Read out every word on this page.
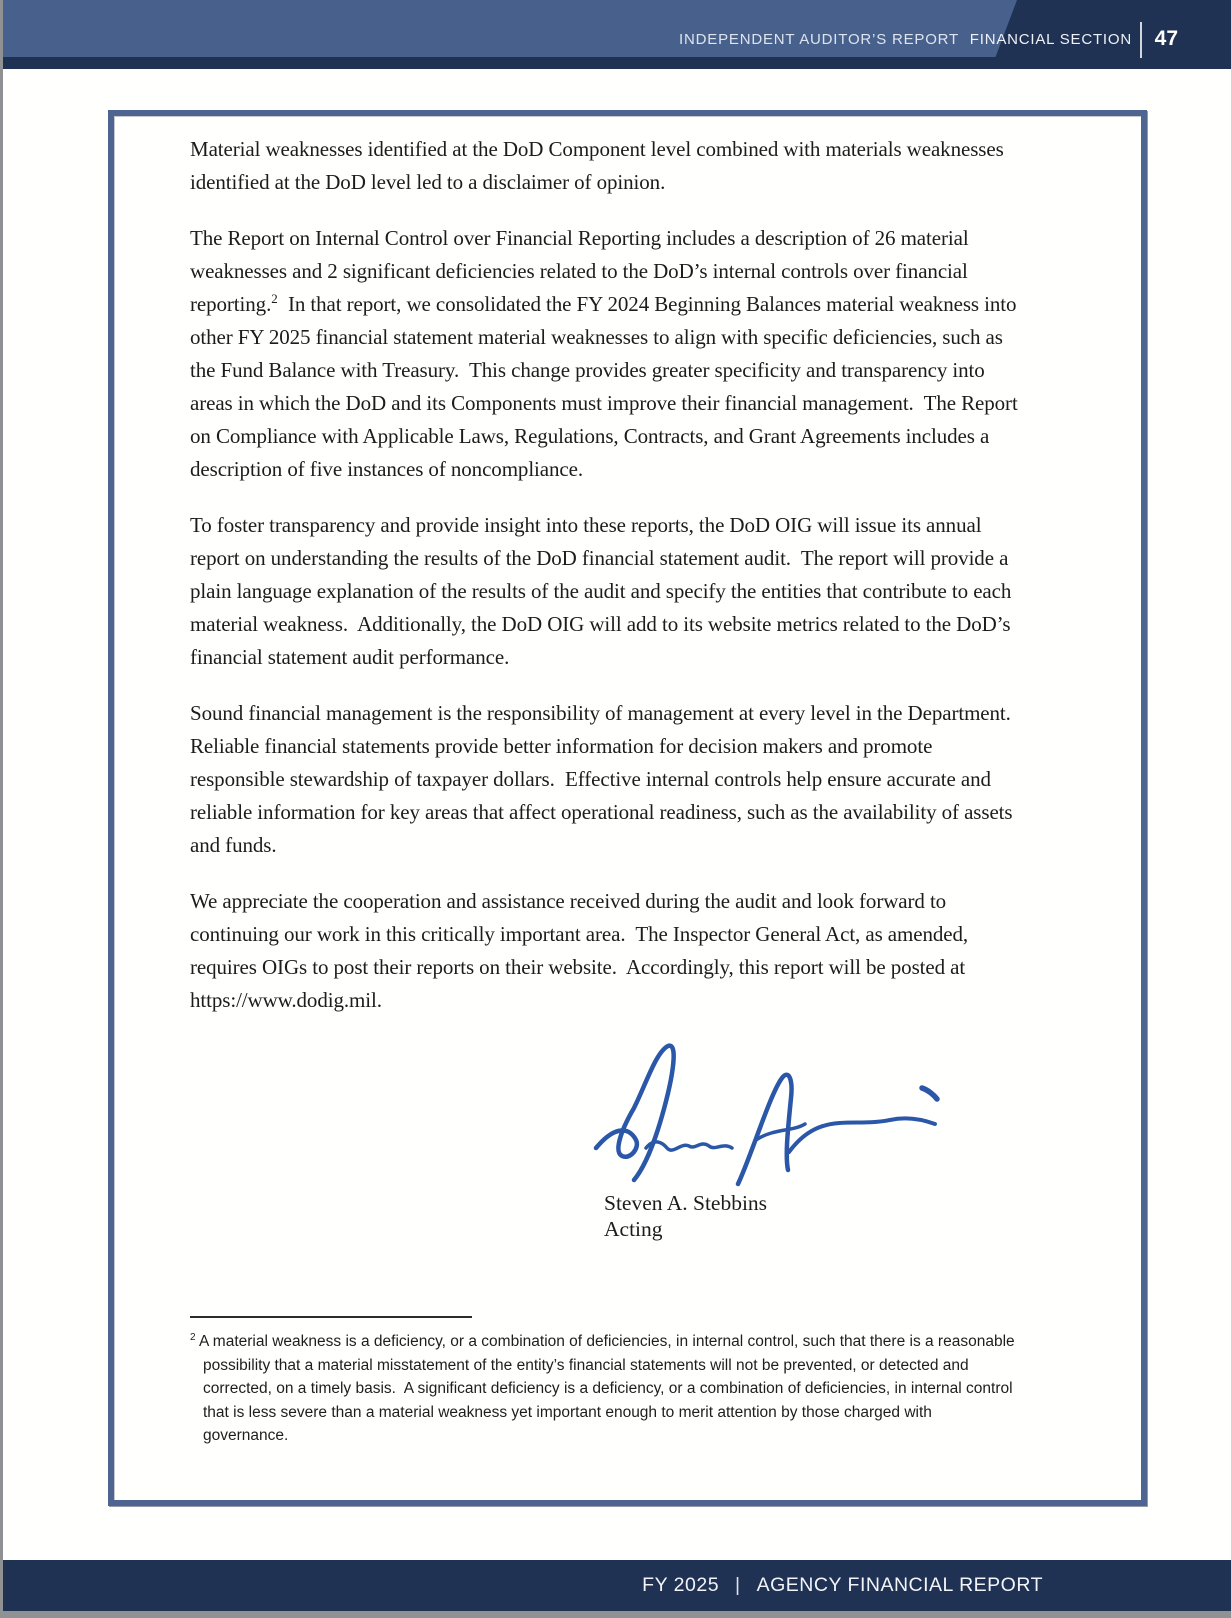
INDEPENDENT AUDITOR’S REPORT FINANCIAL SECTION 47

Material weaknesses identified at the DoD Component level combined with materials weaknesses identified at the DoD level led to a disclaimer of opinion.

The Report on Internal Control over Financial Reporting includes a description of 26 material weaknesses and 2 significant deficiencies related to the DoD’s internal controls over financial reporting.$^2$  In that report, we consolidated the FY 2024 Beginning Balances material weakness into other FY 2025 financial statement material weaknesses to align with specific deficiencies, such as the Fund Balance with Treasury.  This change provides greater specificity and transparency into areas in which the DoD and its Components must improve their financial management.  The Report on Compliance with Applicable Laws, Regulations, Contracts, and Grant Agreements includes a description of five instances of noncompliance.

To foster transparency and provide insight into these reports, the DoD OIG will issue its annual report on understanding the results of the DoD financial statement audit.  The report will provide a plain language explanation of the results of the audit and specify the entities that contribute to each material weakness.  Additionally, the DoD OIG will add to its website metrics related to the DoD’s financial statement audit performance.

Sound financial management is the responsibility of management at every level in the Department.  Reliable financial statements provide better information for decision makers and promote responsible stewardship of taxpayer dollars.  Effective internal controls help ensure accurate and reliable information for key areas that affect operational readiness, such as the availability of assets and funds.

We appreciate the cooperation and assistance received during the audit and look forward to continuing our work in this critically important area.  The Inspector General Act, as amended, requires OIGs to post their reports on their website.  Accordingly, this report will be posted at https://www.dodig.mil.

Steven A. Stebbins
Acting
$^2$ A material weakness is a deficiency, or a combination of deficiencies, in internal control, such that there is a reasonable possibility that a material misstatement of the entity’s financial statements will not be prevented, or detected and corrected, on a timely basis.  A significant deficiency is a deficiency, or a combination of deficiencies, in internal control that is less severe than a material weakness yet important enough to merit attention by those charged with governance.
FY 2025 | AGENCY FINANCIAL REPORT
